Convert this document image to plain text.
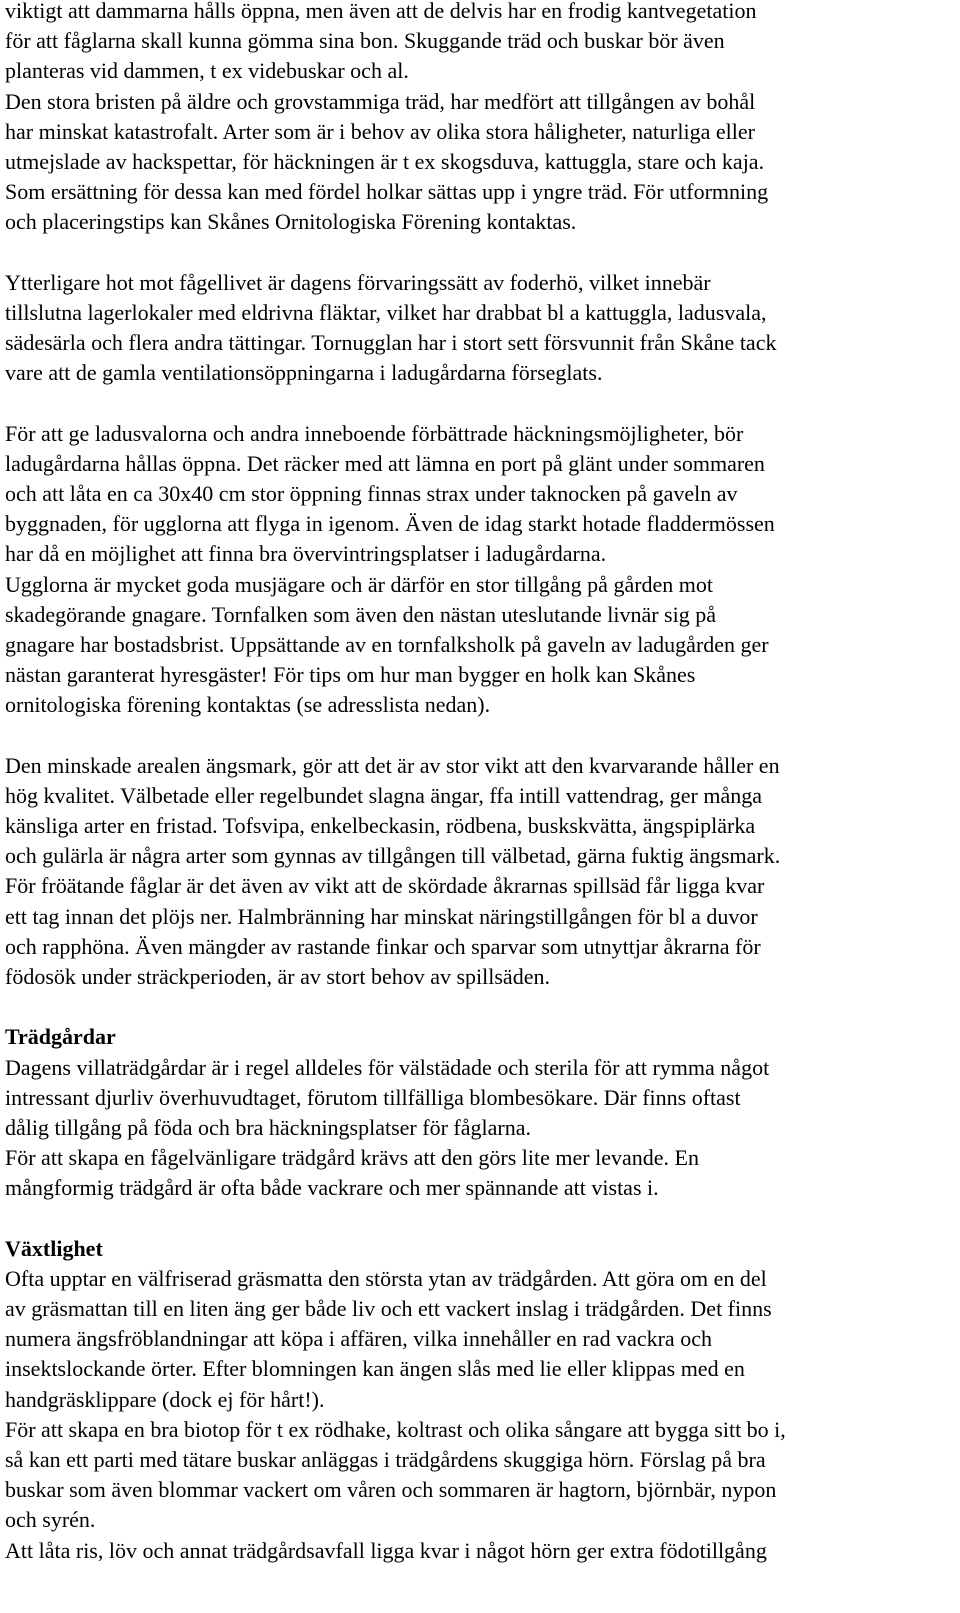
viktigt att dammarna hålls öppna, men även att de delvis har en frodig kantvegetation
för att fåglarna skall kunna gömma sina bon. Skuggande träd och buskar bör även
planteras vid dammen, t ex videbuskar och al.
Den stora bristen på äldre och grovstammiga träd, har medfört att tillgången av bohål
har minskat katastrofalt. Arter som är i behov av olika stora håligheter, naturliga eller
utmejslade av hackspettar, för häckningen är t ex skogsduva, kattuggla, stare och kaja.
Som ersättning för dessa kan med fördel holkar sättas upp i yngre träd. För utformning
och placeringstips kan Skånes Ornitologiska Förening kontaktas.
Ytterligare hot mot fågellivet är dagens förvaringssätt av foderhö, vilket innebär
tillslutna lagerlokaler med eldrivna fläktar, vilket har drabbat bl a kattuggla, ladusvala,
sädesärla och flera andra tättingar. Tornugglan har i stort sett försvunnit från Skåne tack
vare att de gamla ventilationsöppningarna i ladugårdarna förseglats.
För att ge ladusvalorna och andra inneboende förbättrade häckningsmöjligheter, bör
ladugårdarna hållas öppna. Det räcker med att lämna en port på glänt under sommaren
och att låta en ca 30x40 cm stor öppning finnas strax under taknocken på gaveln av
byggnaden, för ugglorna att flyga in igenom. Även de idag starkt hotade fladdermössen
har då en möjlighet att finna bra övervintringsplatser i ladugårdarna.
Ugglorna är mycket goda musjägare och är därför en stor tillgång på gården mot
skadegörande gnagare. Tornfalken som även den nästan uteslutande livnär sig på
gnagare har bostadsbrist. Uppsättande av en tornfalksholk på gaveln av ladugården ger
nästan garanterat hyresgäster! För tips om hur man bygger en holk kan Skånes
ornitologiska förening kontaktas (se adresslista nedan).
Den minskade arealen ängsmark, gör att det är av stor vikt att den kvarvarande håller en
hög kvalitet. Välbetade eller regelbundet slagna ängar, ffa intill vattendrag, ger många
känsliga arter en fristad. Tofsvipa, enkelbeckasin, rödbena, buskskvätta, ängspiplärka
och gulärla är några arter som gynnas av tillgången till välbetad, gärna fuktig ängsmark.
För fröätande fåglar är det även av vikt att de skördade åkrarnas spillsäd får ligga kvar
ett tag innan det plöjs ner. Halmbränning har minskat näringstillgången för bl a duvor
och rapphöna. Även mängder av rastande finkar och sparvar som utnyttjar åkrarna för
födosök under sträckperioden, är av stort behov av spillsäden.
Trädgårdar
Dagens villaträdgårdar är i regel alldeles för välstädade och sterila för att rymma något
intressant djurliv överhuvudtaget, förutom tillfälliga blombesökare. Där finns oftast
dålig tillgång på föda och bra häckningsplatser för fåglarna.
För att skapa en fågelvänligare trädgård krävs att den görs lite mer levande. En
mångformig trädgård är ofta både vackrare och mer spännande att vistas i.
Växtlighet
Ofta upptar en välfriserad gräsmatta den största ytan av trädgården. Att göra om en del
av gräsmattan till en liten äng ger både liv och ett vackert inslag i trädgården. Det finns
numera ängsfröblandningar att köpa i affären, vilka innehåller en rad vackra och
insektslockande örter. Efter blomningen kan ängen slås med lie eller klippas med en
handgräsklippare (dock ej för hårt!).
För att skapa en bra biotop för t ex rödhake, koltrast och olika sångare att bygga sitt bo i,
så kan ett parti med tätare buskar anläggas i trädgårdens skuggiga hörn. Förslag på bra
buskar som även blommar vackert om våren och sommaren är hagtorn, björnbär, nypon
och syrén.
Att låta ris, löv och annat trädgårdsavfall ligga kvar i något hörn ger extra födotillgång
